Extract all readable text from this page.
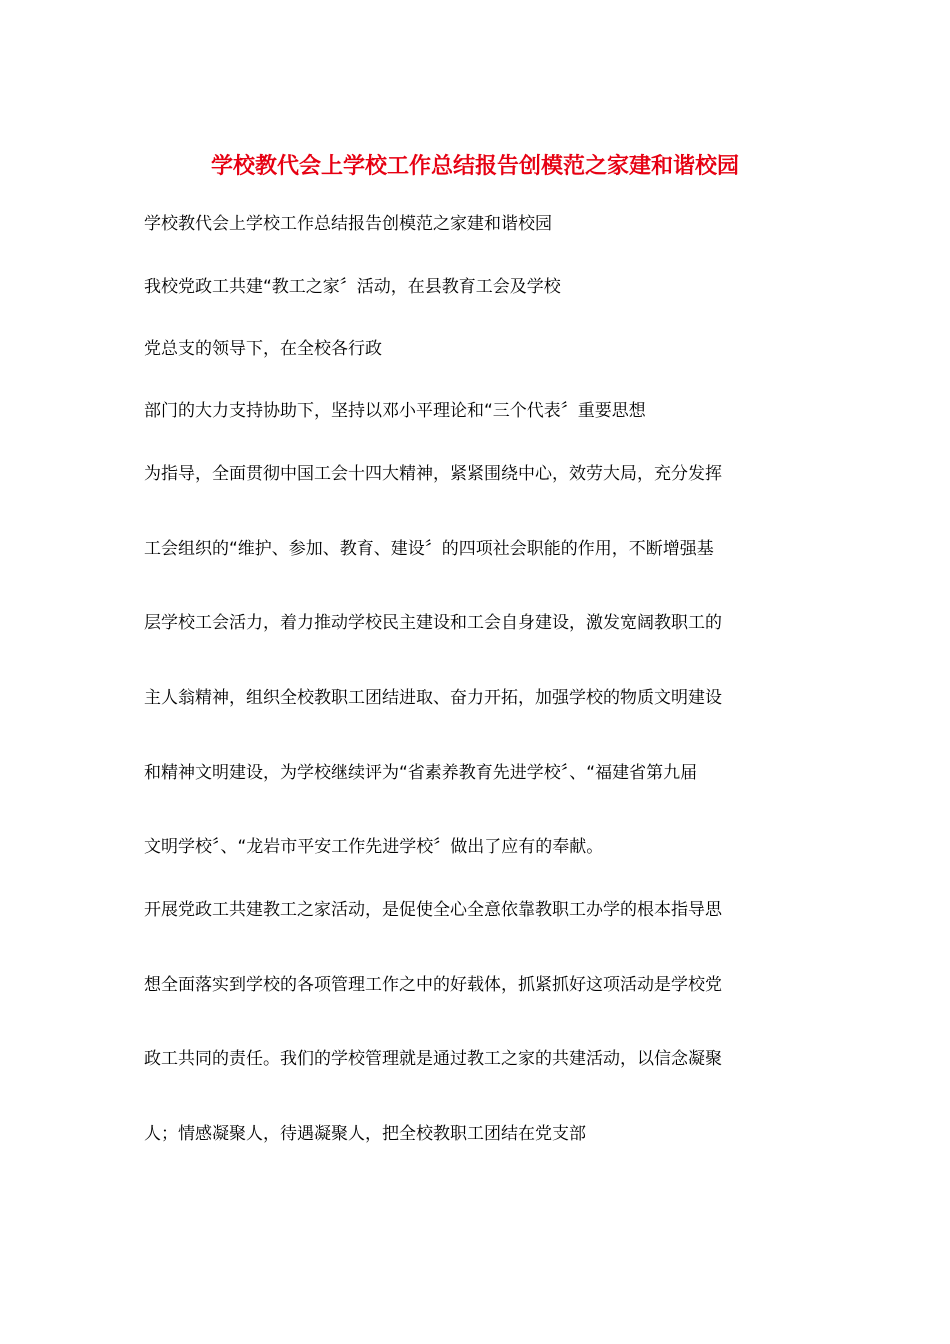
学校教代会上学校工作总结报告创模范之家建和谐校园
学校教代会上学校工作总结报告创模范之家建和谐校园
我校党政工共建“教工之家〞活动，在县教育工会及学校
党总支的领导下，在全校各行政
部门的大力支持协助下，坚持以邓小平理论和“三个代表〞重要思想
为指导，全面贯彻中国工会十四大精神，紧紧围绕中心，效劳大局，充分发挥
工会组织的“维护、参加、教育、建设〞的四项社会职能的作用，不断增强基
层学校工会活力，着力推动学校民主建设和工会自身建设，激发宽阔教职工的
主人翁精神，组织全校教职工团结进取、奋力开拓，加强学校的物质文明建设
和精神文明建设，为学校继续评为“省素养教育先进学校〞、“福建省第九届
文明学校〞、“龙岩市平安工作先进学校〞做出了应有的奉献。
开展党政工共建教工之家活动，是促使全心全意依靠教职工办学的根本指导思
想全面落实到学校的各项管理工作之中的好载体，抓紧抓好这项活动是学校党
政工共同的责任。我们的学校管理就是通过教工之家的共建活动，以信念凝聚
人；情感凝聚人，待遇凝聚人，把全校教职工团结在党支部
